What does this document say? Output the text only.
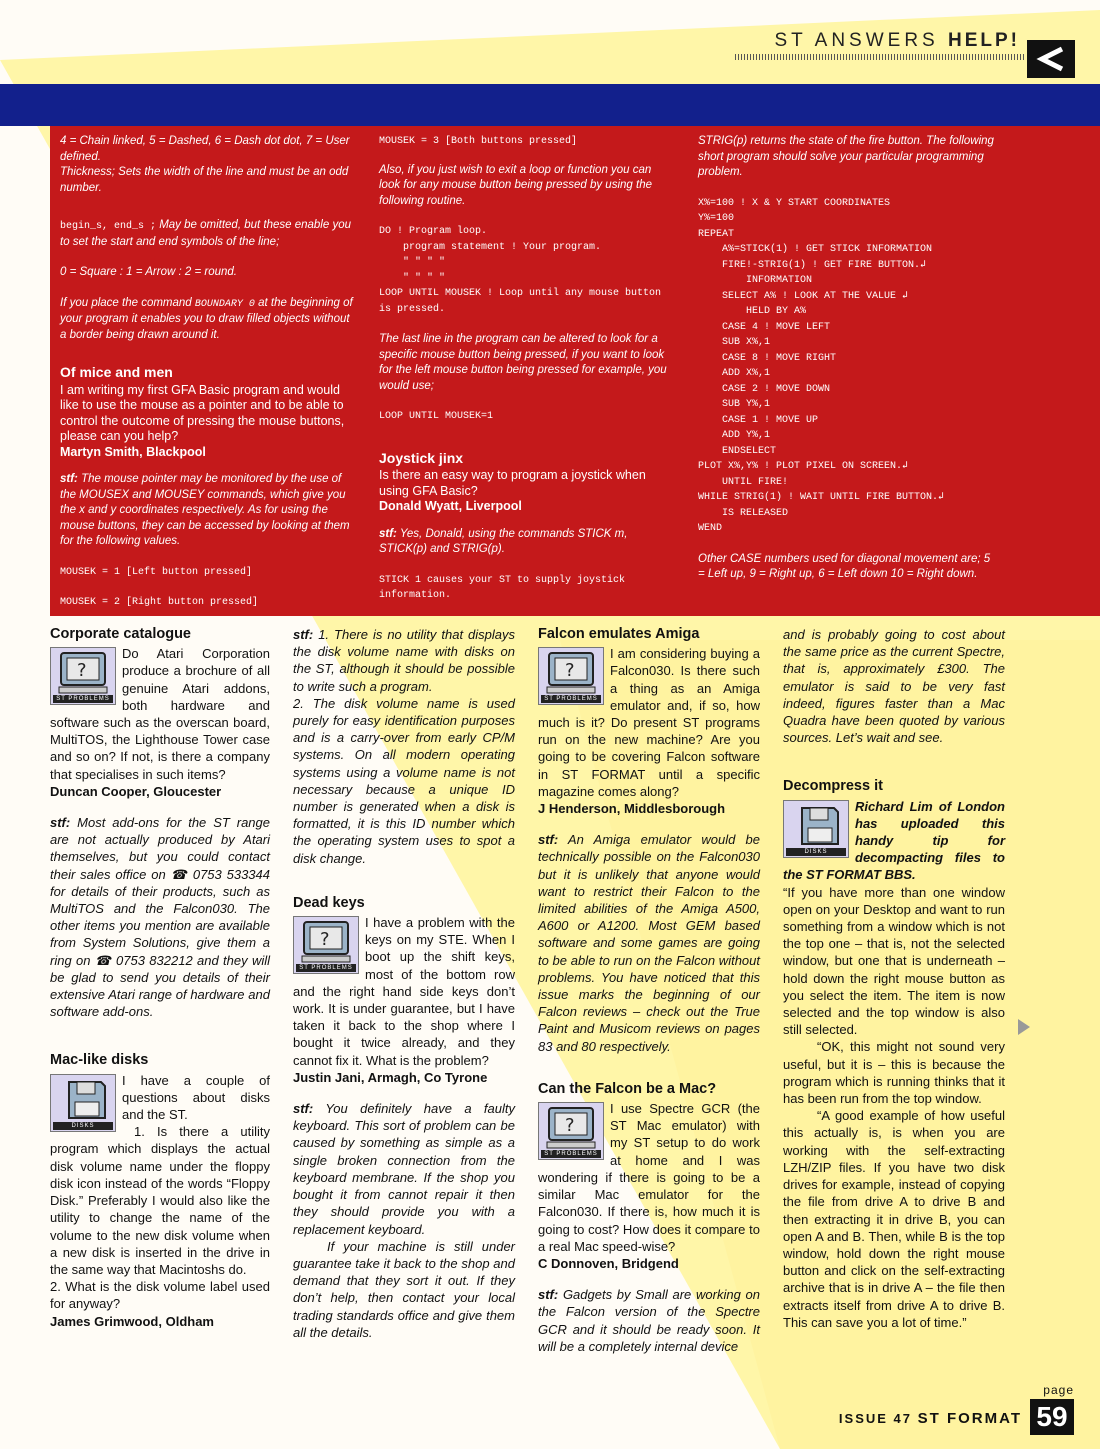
ST ANSWERS HELP!

4 = Chain linked, 5 = Dashed, 6 = Dash dot dot, 7 = User defined.

Thickness; Sets the width of the line and must be an odd number.

begin_s, end_s ; May be omitted, but these enable you to set the start and end symbols of the line;

0 = Square : 1 = Arrow : 2 = round.

If you place the command BOUNDARY 0 at the beginning of your program it enables you to draw filled objects without a border being drawn around it.

Of mice and men

I am writing my first GFA Basic program and would like to use the mouse as a pointer and to be able to control the outcome of pressing the mouse buttons, please can you help?

Martyn Smith, Blackpool

stf: The mouse pointer may be monitored by the use of the MOUSEX and MOUSEY commands, which give you the x and y coordinates respectively. As for using the mouse buttons, they can be accessed by looking at them for the following values.

MOUSEK = 1 [Left button pressed]

MOUSEK = 2 [Right button pressed]

MOUSEK = 3 [Both buttons pressed]

Also, if you just wish to exit a loop or function you can look for any mouse button being pressed by using the following routine.

DO ! Program loop.
program statement ! Your program.
" " " "
" " " "
LOOP UNTIL MOUSEK ! Loop until any mouse button
is pressed.

The last line in the program can be altered to look for a specific mouse button being pressed, if you want to look for the left mouse button being pressed for example, you would use;

LOOP UNTIL MOUSEK=1

Joystick jinx

Is there an easy way to program a joystick when using GFA Basic?

Donald Wyatt, Liverpool

stf: Yes, Donald, using the commands STICK m, STICK(p) and STRIG(p).

STICK 1 causes your ST to supply joystick information.

STRIG(p) returns the state of the fire button. The following short program should solve your particular programming problem.

X%=100 ! X & Y START COORDINATES
Y%=100
REPEAT
A%=STICK(1) ! GET STICK INFORMATION
FIRE!-STRIG(1) ! GET FIRE BUTTON.↲
INFORMATION
SELECT A% ! LOOK AT THE VALUE ↲
HELD BY A%
CASE 4 ! MOVE LEFT
SUB X%,1
CASE 8 ! MOVE RIGHT
ADD X%,1
CASE 2 ! MOVE DOWN
SUB Y%,1
CASE 1 ! MOVE UP
ADD Y%,1
ENDSELECT
PLOT X%,Y% ! PLOT PIXEL ON SCREEN.↲
UNTIL FIRE!
WHILE STRIG(1) ! WAIT UNTIL FIRE BUTTON.↲
IS RELEASED
WEND

Other CASE numbers used for diagonal movement are; 5 = Left up, 9 = Right up, 6 = Left down 10 = Right down.

Corporate catalogue
?
ST PROBLEMS

Do Atari Corporation produce a brochure of all genuine Atari addons, both hardware and software such as the overscan board, MultiTOS, the Lighthouse Tower case and so on? If not, is there a company that specialises in such items?

Duncan Cooper, Gloucester

stf: Most add-ons for the ST range are not actually produced by Atari themselves, but you could contact their sales office on ☎ 0753 533344 for details of their products, such as MultiTOS and the Falcon030. The other items you mention are available from System Solutions, give them a ring on ☎ 0753 832212 and they will be glad to send you details of their extensive Atari range of hardware and software add-ons.

Mac-like disks
DISKS

I have a couple of questions about disks and the ST.

1. Is there a utility program which displays the actual disk volume name under the floppy disk icon instead of the words “Floppy Disk.” Preferably I would also like the utility to change the name of the volume to the new disk volume when a new disk is inserted in the drive in the same way that Macintoshs do.

2. What is the disk volume label used for anyway?

James Grimwood, Oldham

stf: 1. There is no utility that displays the disk volume name with disks on the ST, although it should be possible to write such a program.

2. The disk volume name is used purely for easy identification purposes and is a carry-over from early CP/M systems. On all modern operating systems using a volume name is not necessary because a unique ID number is generated when a disk is formatted, it is this ID number which the operating system uses to spot a disk change.

Dead keys
?
ST PROBLEMS

I have a problem with the keys on my STE. When I boot up the shift keys, most of the bottom row and the right hand side keys don’t work. It is under guarantee, but I have taken it back to the shop where I bought it twice already, and they cannot fix it. What is the problem?

Justin Jani, Armagh, Co Tyrone

stf: You definitely have a faulty keyboard. This sort of problem can be caused by something as simple as a single broken connection from the keyboard membrane. If the shop you bought it from cannot repair it then they should provide you with a replacement keyboard.

If your machine is still under guarantee take it back to the shop and demand that they sort it out. If they don’t help, then contact your local trading standards office and give them all the details.

Falcon emulates Amiga
?
ST PROBLEMS

I am considering buying a Falcon030. Is there such a thing as an Amiga emulator and, if so, how much is it? Do present ST programs run on the new machine? Are you going to be covering Falcon software in ST FORMAT until a specific magazine comes along?

J Henderson, Middlesborough

stf: An Amiga emulator would be technically possible on the Falcon030 but it is unlikely that anyone would want to restrict their Falcon to the limited abilities of the Amiga A500, A600 or A1200. Most GEM based software and some games are going to be able to run on the Falcon without problems. You have noticed that this issue marks the beginning of our Falcon reviews – check out the True Paint and Musicom reviews on pages 83 and 80 respectively.

Can the Falcon be a Mac?
?
ST PROBLEMS

I use Spectre GCR (the ST Mac emulator) with my ST setup to do work at home and I was wondering if there is going to be a similar Mac emulator for the Falcon030. If there is, how much it is going to cost? How does it compare to a real Mac speed-wise?

C Donnoven, Bridgend

stf: Gadgets by Small are working on the Falcon version of the Spectre GCR and it should be ready soon. It will be a completely internal device

and is probably going to cost about the same price as the current Spectre, that is, approximately £300. The emulator is said to be very fast indeed, figures faster than a Mac Quadra have been quoted by various sources. Let’s wait and see.

Decompress it
DISKS

Richard Lim of London has uploaded this handy tip for decompacting files to the ST FORMAT BBS.

“If you have more than one window open on your Desktop and want to run something from a window which is not the top one – that is, not the selected window, but one that is underneath – hold down the right mouse button as you select the item. The item is now selected and the top window is also still selected.

“OK, this might not sound very useful, but it is – this is because the program which is running thinks that it has been run from the top window.

“A good example of how useful this actually is, is when you are working with the self-extracting LZH/ZIP files. If you have two disk drives for example, instead of copying the file from drive A to drive B and then extracting it in drive B, you can open A and B. Then, while B is the top window, hold down the right mouse button and click on the self-extracting archive that is in drive A – the file then extracts itself from drive A to drive B. This can save you a lot of time.”

ISSUE 47 ST FORMAT
page
59
